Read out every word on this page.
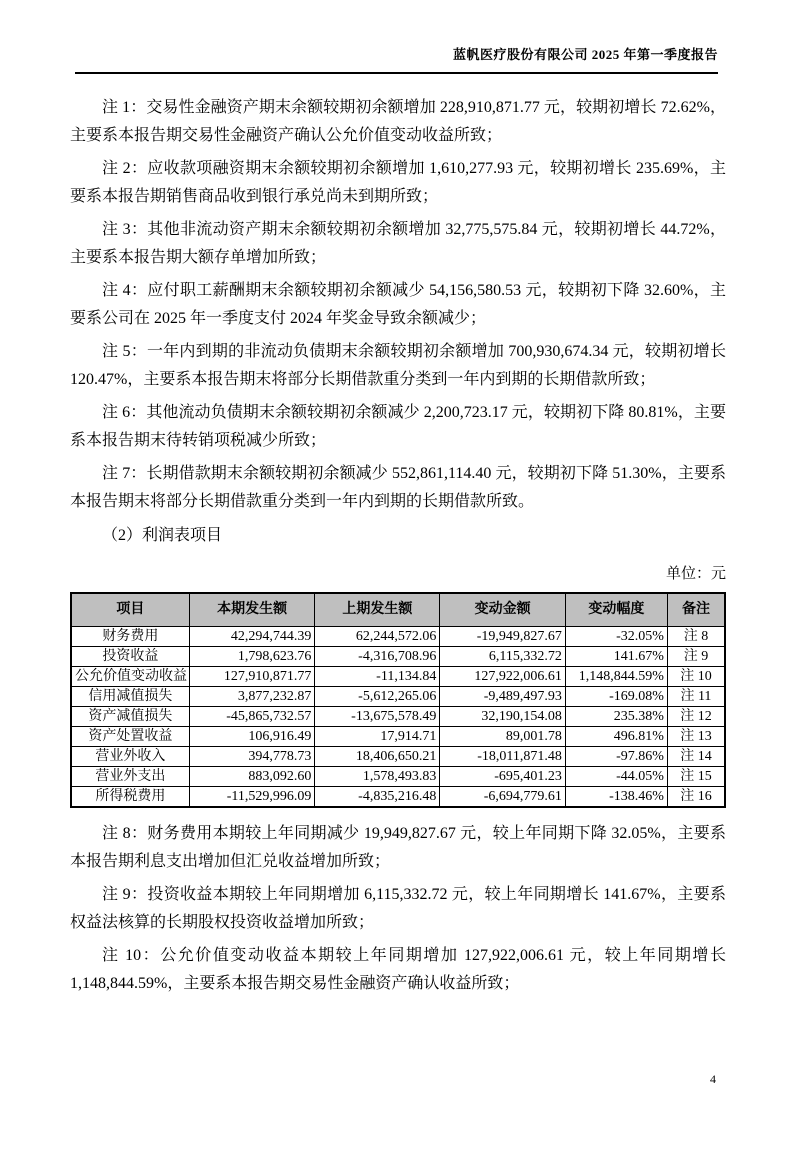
蓝帆医疗股份有限公司 2025 年第一季度报告

注 1：交易性金融资产期末余额较期初余额增加 228,910,871.77 元，较期初增长 72.62%，主要系本报告期交易性金融资产确认公允价值变动收益所致；

注 2：应收款项融资期末余额较期初余额增加 1,610,277.93 元，较期初增长 235.69%，主要系本报告期销售商品收到银行承兑尚未到期所致；

注 3：其他非流动资产期末余额较期初余额增加 32,775,575.84 元，较期初增长 44.72%，主要系本报告期大额存单增加所致；

注 4：应付职工薪酬期末余额较期初余额减少 54,156,580.53 元，较期初下降 32.60%，主要系公司在 2025 年一季度支付 2024 年奖金导致余额减少；

注 5：一年内到期的非流动负债期末余额较期初余额增加 700,930,674.34 元，较期初增长 120.47%，主要系本报告期末将部分长期借款重分类到一年内到期的长期借款所致；

注 6：其他流动负债期末余额较期初余额减少 2,200,723.17 元，较期初下降 80.81%，主要系本报告期末待转销项税减少所致；

注 7：长期借款期末余额较期初余额减少 552,861,114.40 元，较期初下降 51.30%，主要系本报告期末将部分长期借款重分类到一年内到期的长期借款所致。

（2）利润表项目

单位：元
项目	本期发生额	上期发生额	变动金额	变动幅度	备注
财务费用	42,294,744.39	62,244,572.06	-19,949,827.67	-32.05%	注 8
投资收益	1,798,623.76	-4,316,708.96	6,115,332.72	141.67%	注 9
公允价值变动收益	127,910,871.77	-11,134.84	127,922,006.61	1,148,844.59%	注 10
信用减值损失	3,877,232.87	-5,612,265.06	-9,489,497.93	-169.08%	注 11
资产减值损失	-45,865,732.57	-13,675,578.49	32,190,154.08	235.38%	注 12
资产处置收益	106,916.49	17,914.71	89,001.78	496.81%	注 13
营业外收入	394,778.73	18,406,650.21	-18,011,871.48	-97.86%	注 14
营业外支出	883,092.60	1,578,493.83	-695,401.23	-44.05%	注 15
所得税费用	-11,529,996.09	-4,835,216.48	-6,694,779.61	-138.46%	注 16

注 8：财务费用本期较上年同期减少 19,949,827.67 元，较上年同期下降 32.05%，主要系本报告期利息支出增加但汇兑收益增加所致；

注 9：投资收益本期较上年同期增加 6,115,332.72 元，较上年同期增长 141.67%，主要系权益法核算的长期股权投资收益增加所致；

注 10：公允价值变动收益本期较上年同期增加 127,922,006.61 元，较上年同期增长 1,148,844.59%，主要系本报告期交易性金融资产确认收益所致；

4
